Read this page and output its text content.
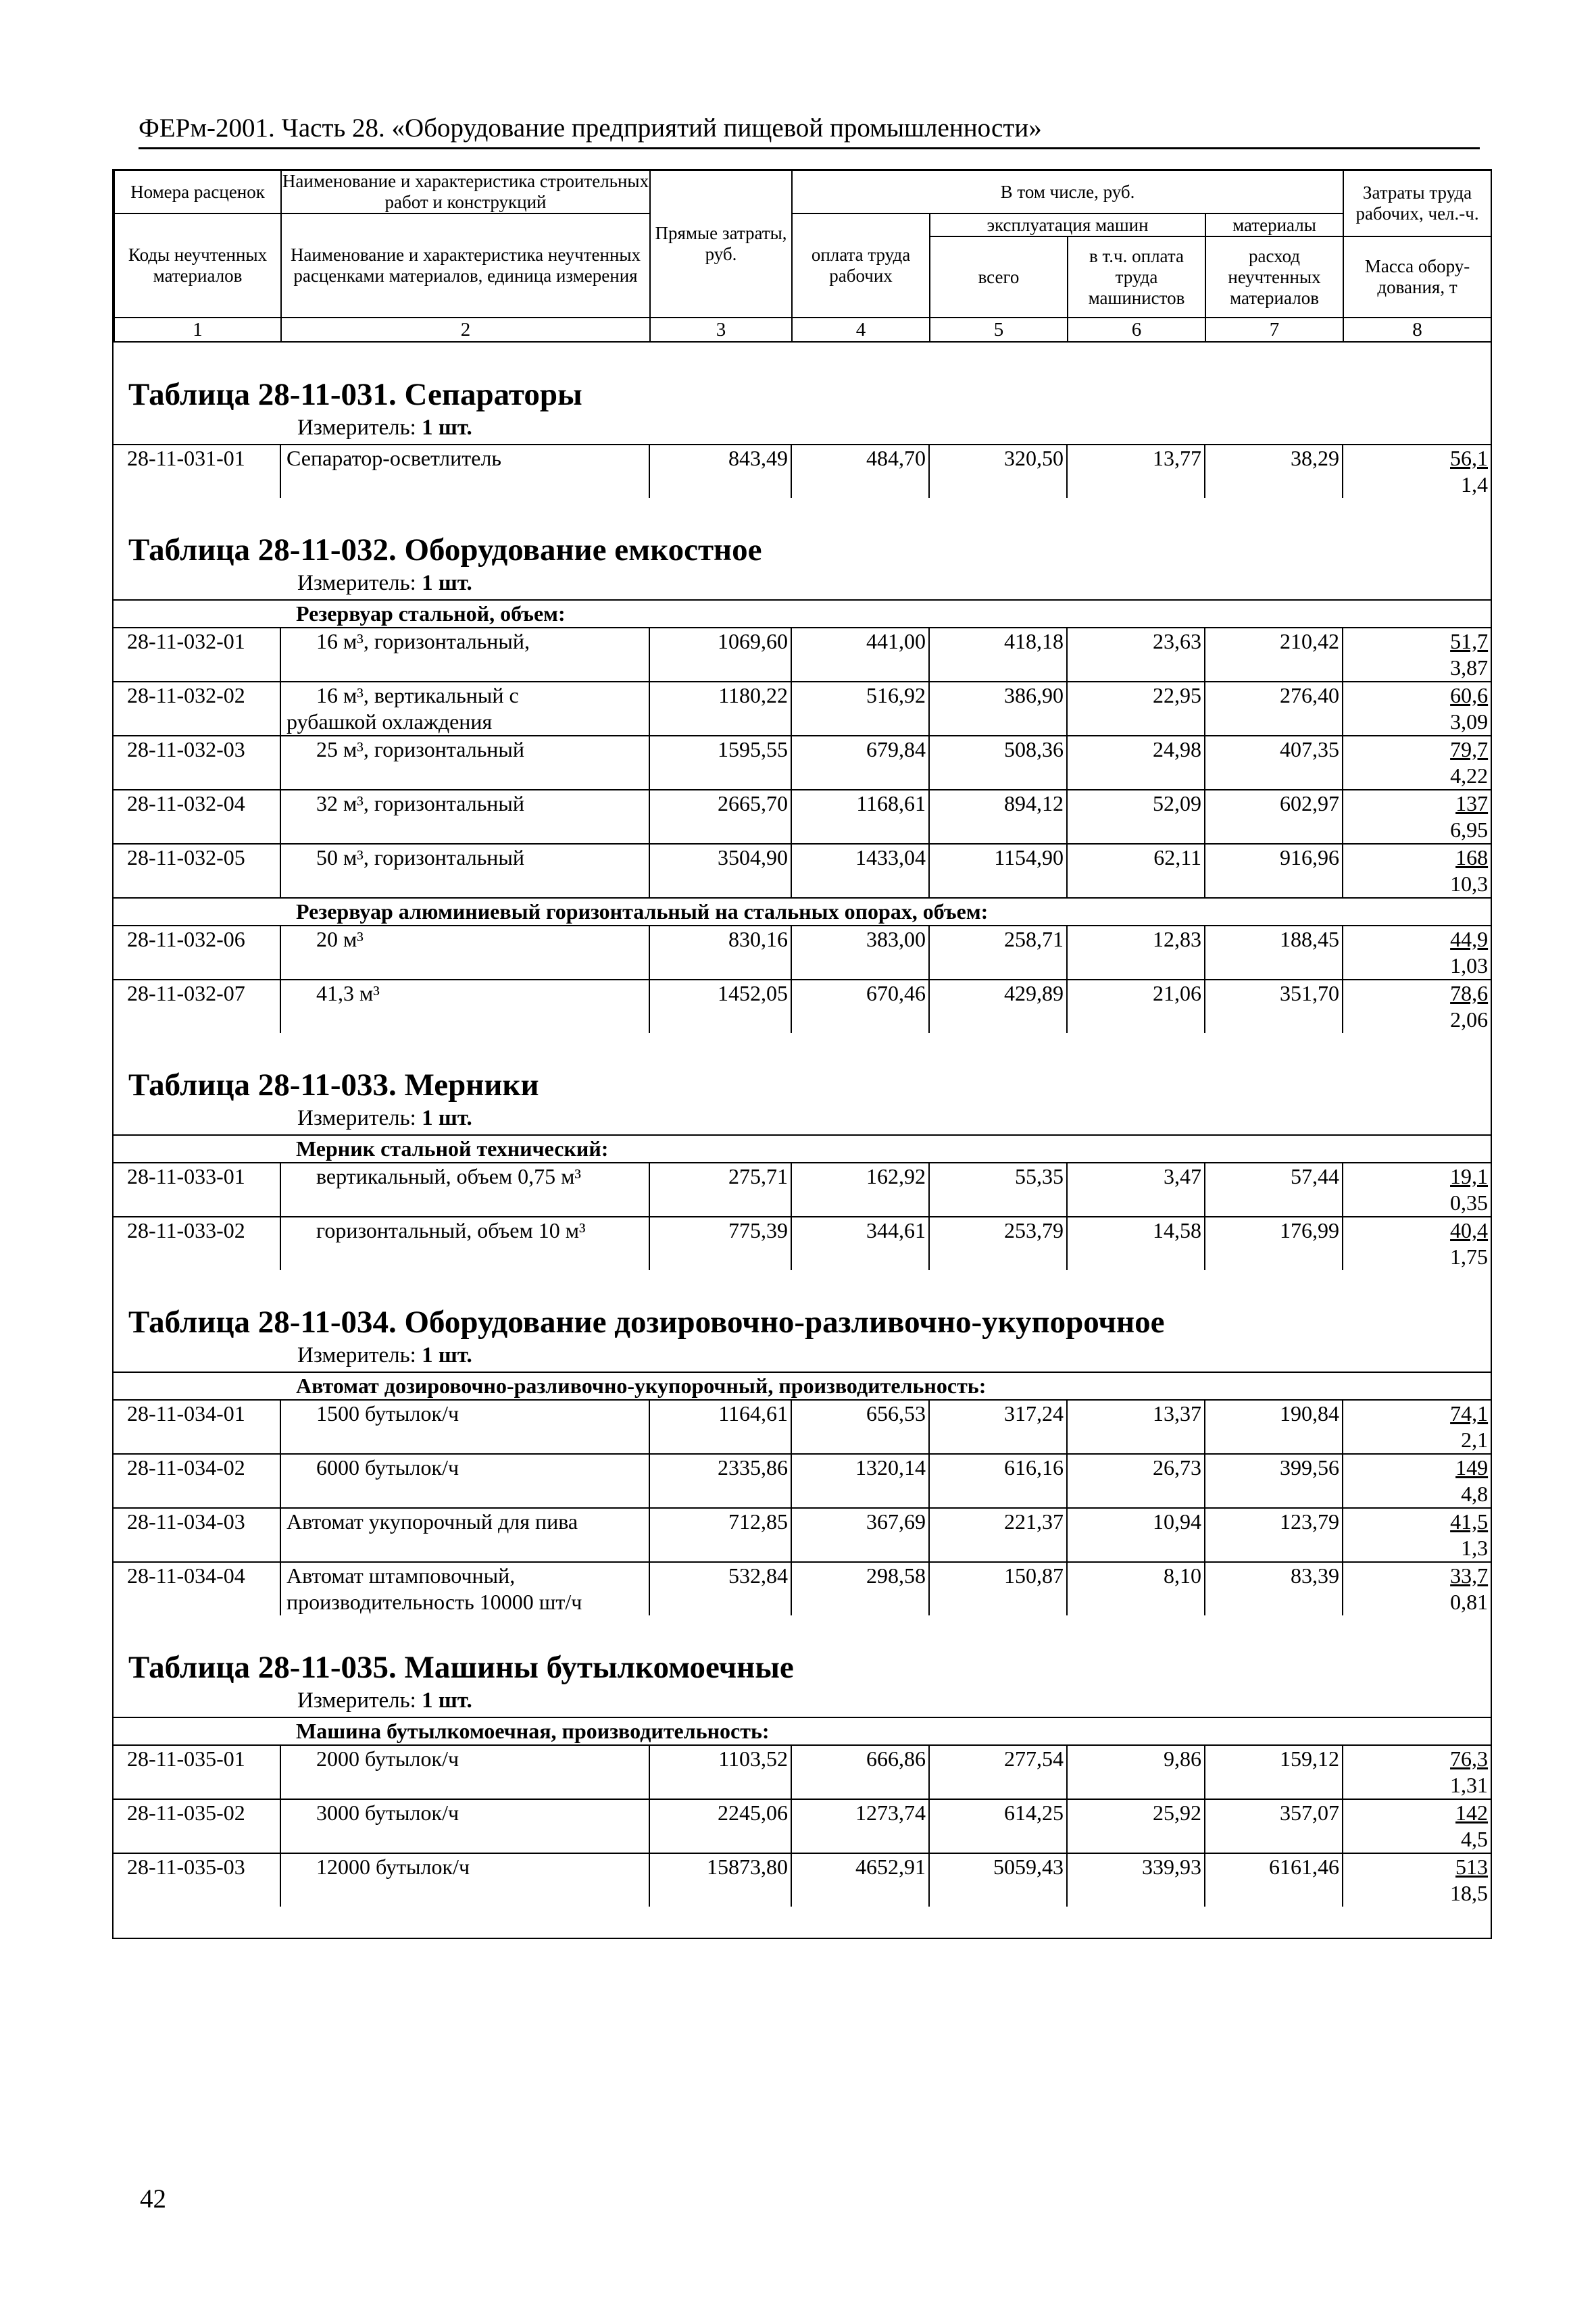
ФЕРм-2001. Часть 28. «Оборудование предприятий пищевой промышленности»
Номера расценок	Наименование и характеристика строительных работ и конструкций	Прямые затраты, руб.	В том числе, руб.				Затраты труда рабочих, чел.-ч.
Коды неучтенных материалов	Наименование и характеристика неучтенных расценками материалов, единица измерения		оплата труда рабочих	эксплуатация машин		материалы	
				всего	в т.ч. оплата труда машинистов	расход неучтенных материалов	Масса обору-дования, т
1	2	3	4	5	6	7	8
Таблица 28-11-031. Сепараторы
Измеритель: 1 шт.
28-11-031-01	Сепаратор-осветлитель	843,49	484,70	320,50	13,77	38,29	56,1
1,4
Таблица 28-11-032. Оборудование емкостное
Измеритель: 1 шт.
Резервуар стальной, объем:							
28-11-032-01	16 м³, горизонтальный,	1069,60	441,00	418,18	23,63	210,42	51,7
3,87

28-11-032-02	16 м³, вертикальный с
рубашкой охлаждения	1180,22	516,92	386,90	22,95	276,40	60,6
3,09

28-11-032-03	25 м³, горизонтальный	1595,55	679,84	508,36	24,98	407,35	79,7
4,22

28-11-032-04	32 м³, горизонтальный	2665,70	1168,61	894,12	52,09	602,97	137
6,95

28-11-032-05	50 м³, горизонтальный	3504,90	1433,04	1154,90	62,11	916,96	168
10,3

Резервуар алюминиевый горизонтальный на стальных опорах, объем:							
28-11-032-06	20 м³	830,16	383,00	258,71	12,83	188,45	44,9
1,03

28-11-032-07	41,3 м³	1452,05	670,46	429,89	21,06	351,70	78,6
2,06
Таблица 28-11-033. Мерники
Измеритель: 1 шт.
Мерник стальной технический:							
28-11-033-01	вертикальный, объем 0,75 м³	275,71	162,92	55,35	3,47	57,44	19,1
0,35

28-11-033-02	горизонтальный, объем 10 м³	775,39	344,61	253,79	14,58	176,99	40,4
1,75
Таблица 28-11-034. Оборудование дозировочно-разливочно-укупорочное
Измеритель: 1 шт.
Автомат дозировочно-разливочно-укупорочный, производительность:							
28-11-034-01	1500 бутылок/ч	1164,61	656,53	317,24	13,37	190,84	74,1
2,1

28-11-034-02	6000 бутылок/ч	2335,86	1320,14	616,16	26,73	399,56	149
4,8

28-11-034-03	Автомат укупорочный для пива	712,85	367,69	221,37	10,94	123,79	41,5
1,3

28-11-034-04	Автомат штамповочный,
производительность 10000 шт/ч	532,84	298,58	150,87	8,10	83,39	33,7
0,81
Таблица 28-11-035. Машины бутылкомоечные
Измеритель: 1 шт.
Машина бутылкомоечная, производительность:							
28-11-035-01	2000 бутылок/ч	1103,52	666,86	277,54	9,86	159,12	76,3
1,31

28-11-035-02	3000 бутылок/ч	2245,06	1273,74	614,25	25,92	357,07	142
4,5

28-11-035-03	12000 бутылок/ч	15873,80	4652,91	5059,43	339,93	6161,46	513
18,5
42
